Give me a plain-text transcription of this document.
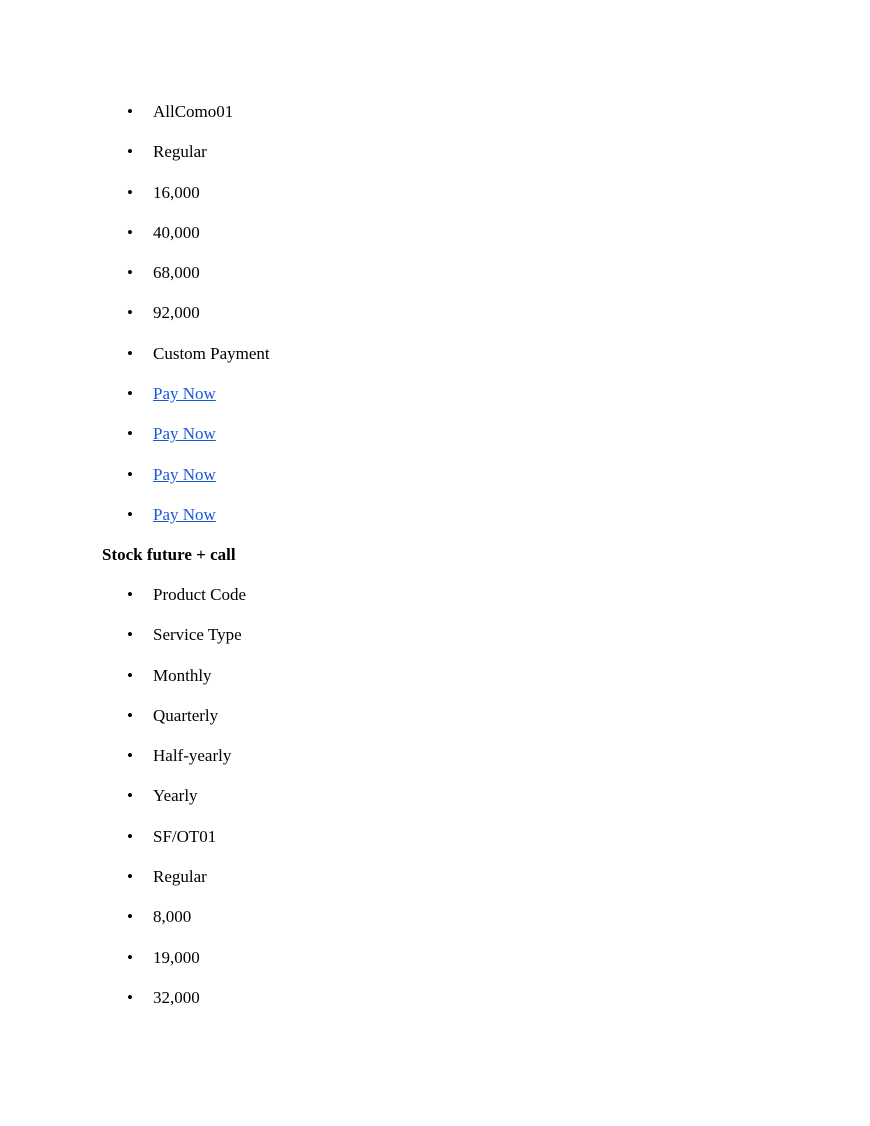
• AllComo01
• Regular
• 16,000
• 40,000
• 68,000
• 92,000
• Custom Payment
• Pay Now
• Pay Now
• Pay Now
• Pay Now
Stock future + call
• Product Code
• Service Type
• Monthly
• Quarterly
• Half-yearly
• Yearly
• SF/OT01
• Regular
• 8,000
• 19,000
• 32,000
